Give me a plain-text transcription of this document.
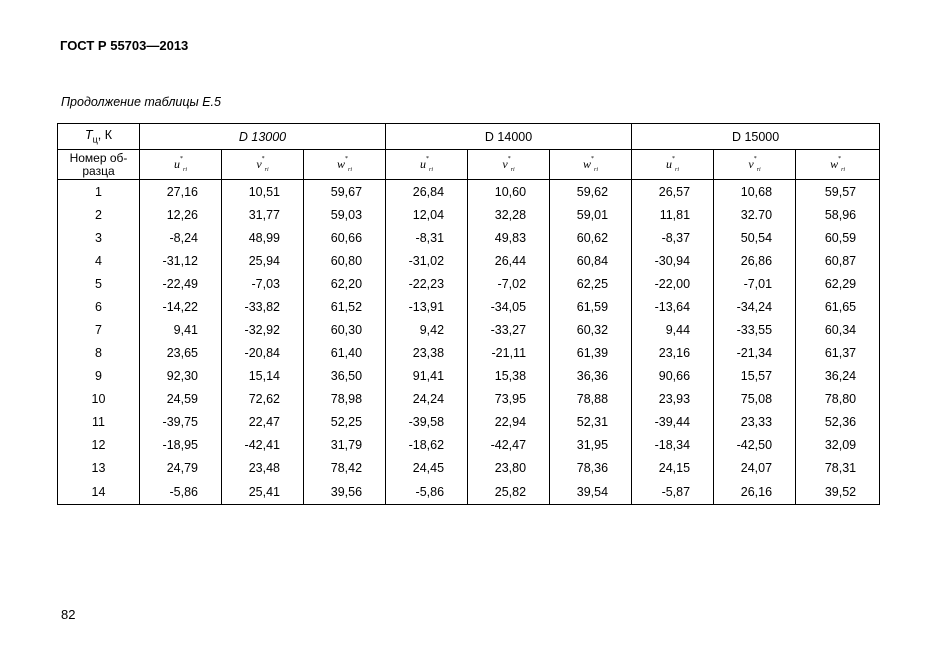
ГОСТ Р 55703—2013
Продолжение таблицы Е.5
$T_ц$, К	D 13000			D 14000			D 15000		
Номер об-
разца	$u^*_{ri}$	$v^*_{ri}$	$w^*_{ri}$	$u^*_{ri}$	$v^*_{ri}$	$w^*_{ri}$	$u^*_{ri}$	$v^*_{ri}$	$w^*_{ri}$
1	27,16	10,51	59,67	26,84	10,60	59,62	26,57	10,68	59,57
2	12,26	31,77	59,03	12,04	32,28	59,01	11,81	32.70	58,96
3	-8,24	48,99	60,66	-8,31	49,83	60,62	-8,37	50,54	60,59
4	-31,12	25,94	60,80	-31,02	26,44	60,84	-30,94	26,86	60,87
5	-22,49	-7,03	62,20	-22,23	-7,02	62,25	-22,00	-7,01	62,29
6	-14,22	-33,82	61,52	-13,91	-34,05	61,59	-13,64	-34,24	61,65
7	9,41	-32,92	60,30	9,42	-33,27	60,32	9,44	-33,55	60,34
8	23,65	-20,84	61,40	23,38	-21,11	61,39	23,16	-21,34	61,37
9	92,30	15,14	36,50	91,41	15,38	36,36	90,66	15,57	36,24
10	24,59	72,62	78,98	24,24	73,95	78,88	23,93	75,08	78,80
11	-39,75	22,47	52,25	-39,58	22,94	52,31	-39,44	23,33	52,36
12	-18,95	-42,41	31,79	-18,62	-42,47	31,95	-18,34	-42,50	32,09
13	24,79	23,48	78,42	24,45	23,80	78,36	24,15	24,07	78,31
14	-5,86	25,41	39,56	-5,86	25,82	39,54	-5,87	26,16	39,52
82
